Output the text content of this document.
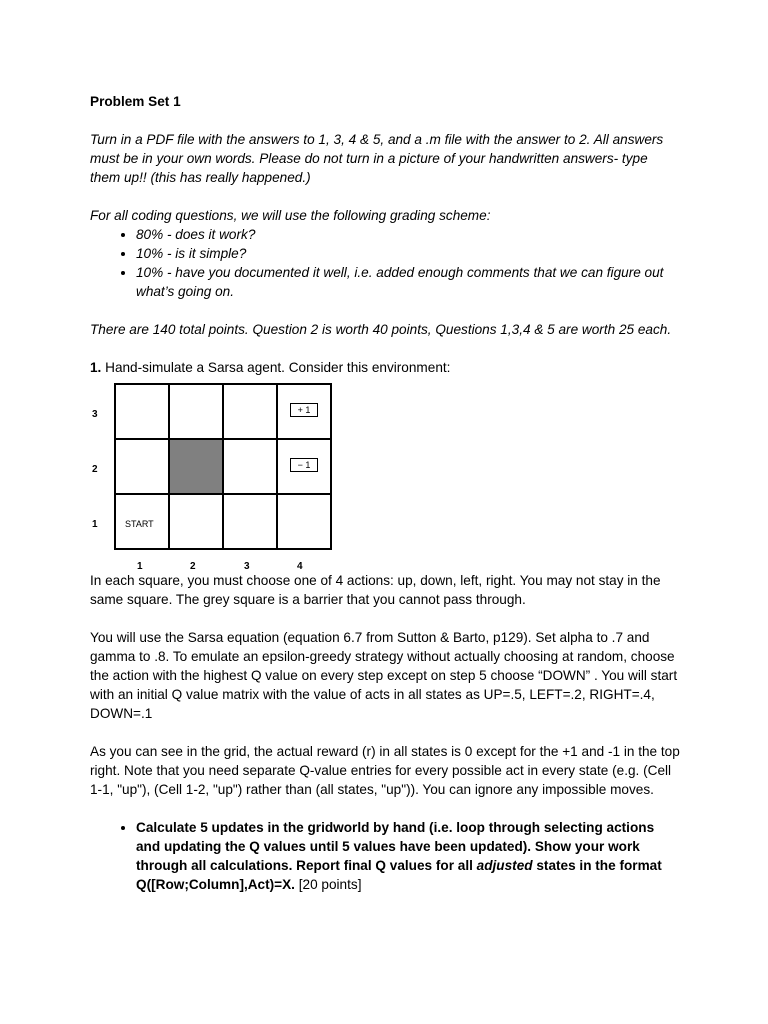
Problem Set 1

Turn in a PDF file with the answers to 1, 3, 4 & 5, and a .m file with the answer to 2. All answers must be in your own words. Please do not turn in a picture of your handwritten answers- type them up!! (this has really happened.)

For all coding questions, we will use the following grading scheme:
• 80% - does it work?
• 10% - is it simple?
• 10% - have you documented it well, i.e. added enough comments that we can figure out what’s going on.

There are 140 total points. Question 2 is worth 40 points, Questions 1,3,4 & 5 are worth 25 each.

1. Hand-simulate a Sarsa agent. Consider this environment:
3
2
1

			+ 1

			− 1

START			

1	2	3	4

In each square, you must choose one of 4 actions: up, down, left, right. You may not stay in the same square. The grey square is a barrier that you cannot pass through.

You will use the Sarsa equation (equation 6.7 from Sutton & Barto, p129). Set alpha to .7 and gamma to .8. To emulate an epsilon-greedy strategy without actually choosing at random, choose the action with the highest Q value on every step except on step 5 choose “DOWN” . You will start with an initial Q value matrix with the value of acts in all states as UP=.5, LEFT=.2, RIGHT=.4, DOWN=.1

As you can see in the grid, the actual reward (r) in all states is 0 except for the +1 and -1 in the top right. Note that you need separate Q-value entries for every possible act in every state (e.g. (Cell 1-1, "up"), (Cell 1-2, "up") rather than (all states, "up")). You can ignore any impossible moves.

• Calculate 5 updates in the gridworld by hand (i.e. loop through selecting actions and updating the Q values until 5 values have been updated). Show your work through all calculations. Report final Q values for all adjusted states in the format Q([Row;Column],Act)=X. [20 points]
